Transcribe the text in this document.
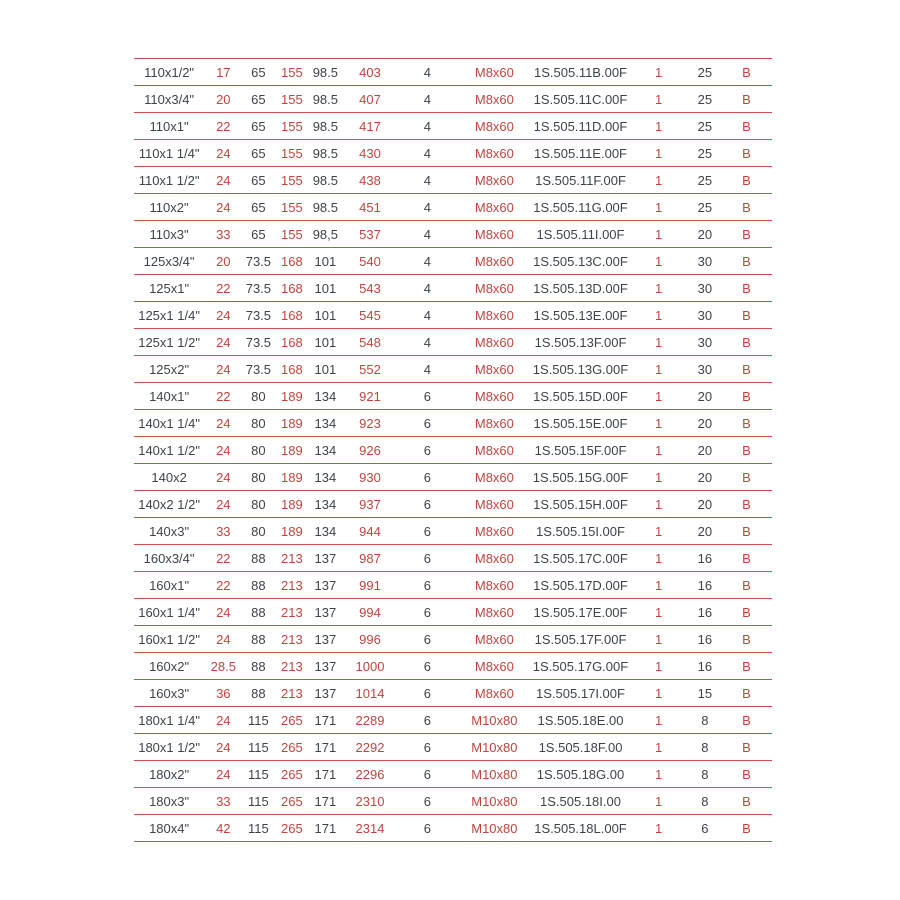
110x1/2"	17	65	155	98.5	403	4	M8x60	1S.505.11B.00F	1	25	B
110x3/4"	20	65	155	98.5	407	4	M8x60	1S.505.11C.00F	1	25	B
110x1"	22	65	155	98.5	417	4	M8x60	1S.505.11D.00F	1	25	B
110x1 1/4"	24	65	155	98.5	430	4	M8x60	1S.505.11E.00F	1	25	B
110x1 1/2"	24	65	155	98.5	438	4	M8x60	1S.505.11F.00F	1	25	B
110x2"	24	65	155	98.5	451	4	M8x60	1S.505.11G.00F	1	25	B
110x3"	33	65	155	98,5	537	4	M8x60	1S.505.11I.00F	1	20	B
125x3/4"	20	73.5	168	101	540	4	M8x60	1S.505.13C.00F	1	30	B
125x1"	22	73.5	168	101	543	4	M8x60	1S.505.13D.00F	1	30	B
125x1 1/4"	24	73.5	168	101	545	4	M8x60	1S.505.13E.00F	1	30	B
125x1 1/2"	24	73.5	168	101	548	4	M8x60	1S.505.13F.00F	1	30	B
125x2"	24	73.5	168	101	552	4	M8x60	1S.505.13G.00F	1	30	B
140x1"	22	80	189	134	921	6	M8x60	1S.505.15D.00F	1	20	B
140x1 1/4"	24	80	189	134	923	6	M8x60	1S.505.15E.00F	1	20	B
140x1 1/2"	24	80	189	134	926	6	M8x60	1S.505.15F.00F	1	20	B
140x2	24	80	189	134	930	6	M8x60	1S.505.15G.00F	1	20	B
140x2 1/2"	24	80	189	134	937	6	M8x60	1S.505.15H.00F	1	20	B
140x3"	33	80	189	134	944	6	M8x60	1S.505.15I.00F	1	20	B
160x3/4"	22	88	213	137	987	6	M8x60	1S.505.17C.00F	1	16	B
160x1"	22	88	213	137	991	6	M8x60	1S.505.17D.00F	1	16	B
160x1 1/4"	24	88	213	137	994	6	M8x60	1S.505.17E.00F	1	16	B
160x1 1/2"	24	88	213	137	996	6	M8x60	1S.505.17F.00F	1	16	B
160x2"	28.5	88	213	137	1000	6	M8x60	1S.505.17G.00F	1	16	B
160x3"	36	88	213	137	1014	6	M8x60	1S.505.17I.00F	1	15	B
180x1 1/4"	24	115	265	171	2289	6	M10x80	1S.505.18E.00	1	8	B
180x1 1/2"	24	115	265	171	2292	6	M10x80	1S.505.18F.00	1	8	B
180x2"	24	115	265	171	2296	6	M10x80	1S.505.18G.00	1	8	B
180x3"	33	115	265	171	2310	6	M10x80	1S.505.18I.00	1	8	B
180x4"	42	115	265	171	2314	6	M10x80	1S.505.18L.00F	1	6	B
